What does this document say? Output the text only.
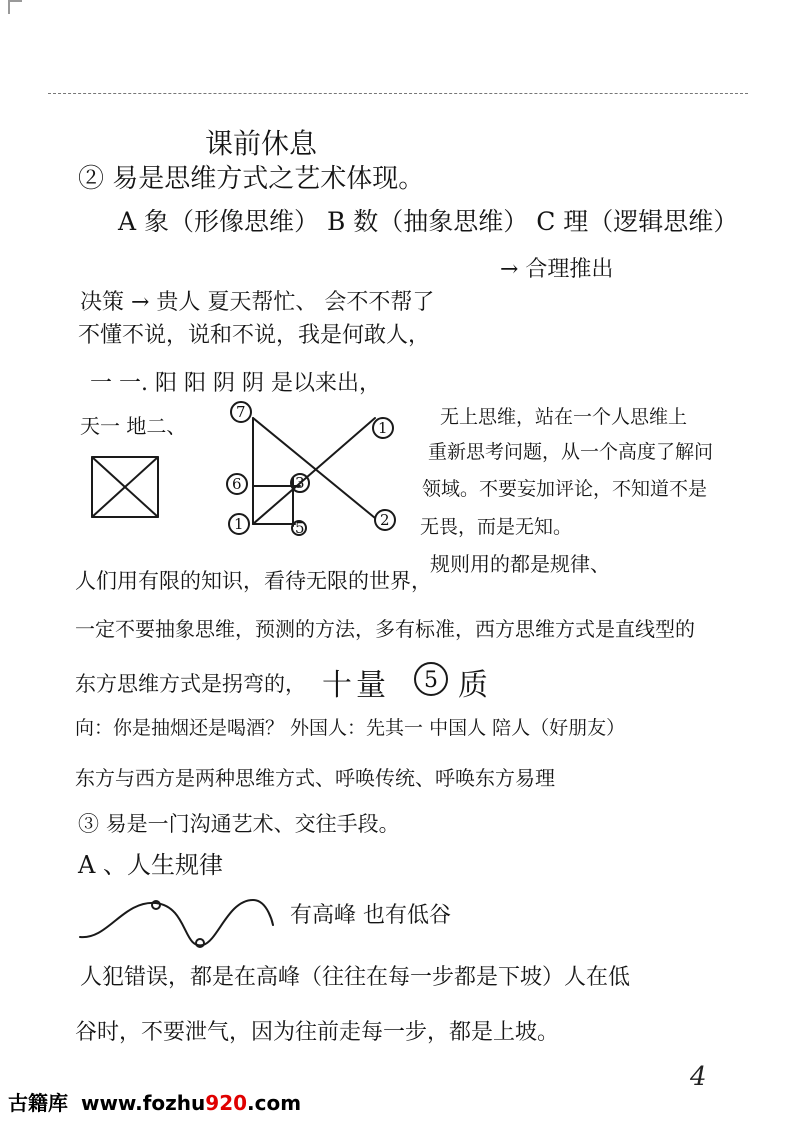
课前休息
② 易是思维方式之艺术体现。
A 象（形像思维） B 数（抽象思维） C 理（逻辑思维）
→ 合理推出
决策 → 贵人 夏天帮忙、 会不不帮了
不懂不说，说和不说，我是何敢人，
一 一. 阳 阳 阴 阴 是以来出，
天一 地二、	无上思维，站在一个人思维上
重新思考问题，从一个高度了解问
领域。不要妄加评论，不知道不是
无畏，而是无知。
7
1
6
2
1	5
3
人们用有限的知识，看待无限的世界，
规则用的都是规律、
一定不要抽象思维，预测的方法，多有标准，西方思维方式是直线型的
东方思维方式是拐弯的， 十 量 5 质
向：你是抽烟还是喝酒？ 外国人：先其一 中国人 陪人（好朋友）
东方与西方是两种思维方式、呼唤传统、呼唤东方易理
③ 易是一门沟通艺术、交往手段。
A 、人生规律
有高峰 也有低谷
人犯错误，都是在高峰（往往在每一步都是下坡）人在低
谷时，不要泄气，因为往前走每一步，都是上坡。
4
古籍库 www.fozhu920.com
